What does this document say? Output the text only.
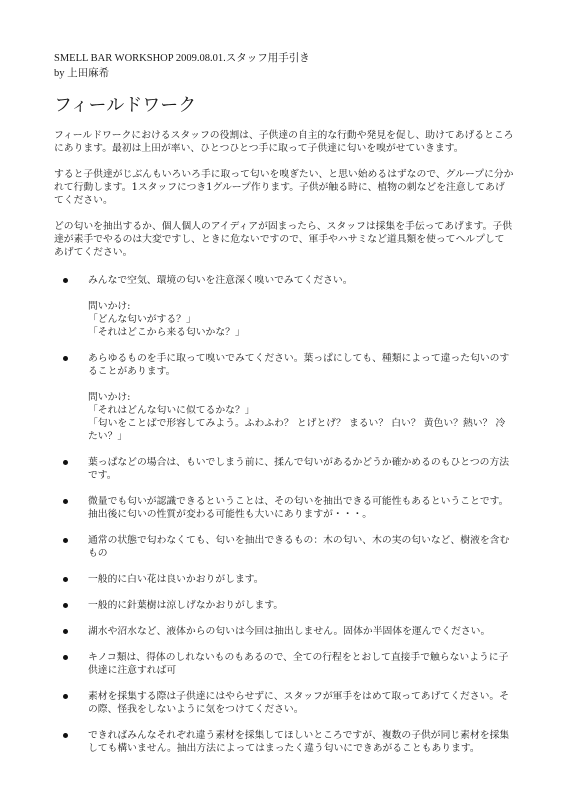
SMELL BAR WORKSHOP 2009.08.01.スタッフ用手引き
by 上田麻希
フィールドワーク

フィールドワークにおけるスタッフの役割は、子供達の自主的な行動や発見を促し、助けてあげるところにあります。最初は上田が率い、ひとつひとつ手に取って子供達に匂いを嗅がせていきます。

すると子供達がじぶんもいろいろ手に取って匂いを嗅ぎたい、と思い始めるはずなので、グループに分かれて行動します。1スタッフにつき1グループ作ります。子供が触る時に、植物の刺などを注意してあげてください。

どの匂いを抽出するか、個人個人のアイディアが固まったら、スタッフは採集を手伝ってあげます。子供達が素手でやるのは大変ですし、ときに危ないですので、軍手やハサミなど道具類を使ってヘルプしてあげてください。

みんなで空気、環境の匂いを注意深く嗅いでみてください。
問いかけ:
「どんな匂いがする？」
「それはどこから来る匂いかな？」
あらゆるものを手に取って嗅いでみてください。葉っぱにしても、種類によって違った匂いのすることがあります。
問いかけ:
「それはどんな匂いに似てるかな？」
「匂いをことばで形容してみよう。ふわふわ？ とげとげ？ まるい？ 白い？ 黄色い？熱い？ 冷たい？」
葉っぱなどの場合は、もいでしまう前に、揉んで匂いがあるかどうか確かめるのもひとつの方法です。
微量でも匂いが認識できるということは、その匂いを抽出できる可能性もあるということです。抽出後に匂いの性質が変わる可能性も大いにありますが・・・。
通常の状態で匂わなくても、匂いを抽出できるもの：木の匂い、木の実の匂いなど、樹液を含むもの
一般的に白い花は良いかおりがします。
一般的に針葉樹は涼しげなかおりがします。
湖水や沼水など、液体からの匂いは今回は抽出しません。固体か半固体を運んでください。
キノコ類は、得体のしれないものもあるので、全ての行程をとおして直接手で触らないように子供達に注意すれば可
素材を採集する際は子供達にはやらせずに、スタッフが軍手をはめて取ってあげてください。その際、怪我をしないように気をつけてください。
できればみんなそれぞれ違う素材を採集してほしいところですが、複数の子供が同じ素材を採集しても構いません。抽出方法によってはまったく違う匂いにできあがることもあります。
